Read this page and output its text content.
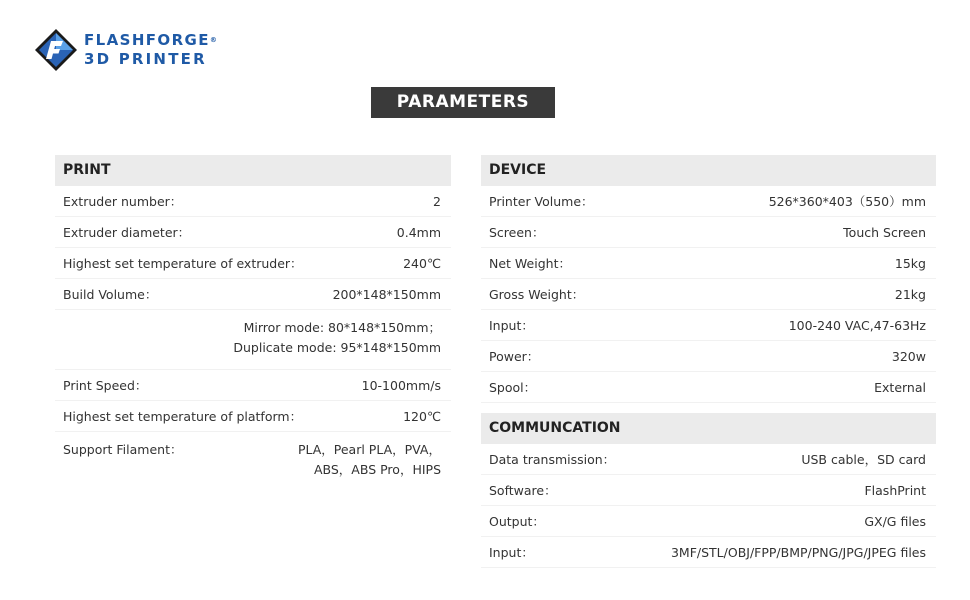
FLASHFORGE®
3D PRINTER
PARAMETERS
PRINT
Extruder number：	2
Extruder diameter：	0.4mm
Highest set temperature of extruder：	240℃
Build Volume：	200*148*150mm
Mirror mode: 80*148*150mm；
Duplicate mode: 95*148*150mm
Print Speed：	10-100mm/s
Highest set temperature of platform：	120℃
Support Filament：	PLA，Pearl PLA，PVA，
ABS，ABS Pro，HIPS
DEVICE
Printer Volume：	526*360*403（550）mm
Screen：	Touch Screen
Net Weight：	15kg
Gross Weight：	21kg
Input：	100-240 VAC,47-63Hz
Power：	320w
Spool：	External
COMMUNCATION
Data transmission：	USB cable，SD card
Software：	FlashPrint
Output：	GX/G files
Input：	3MF/STL/OBJ/FPP/BMP/PNG/JPG/JPEG files
